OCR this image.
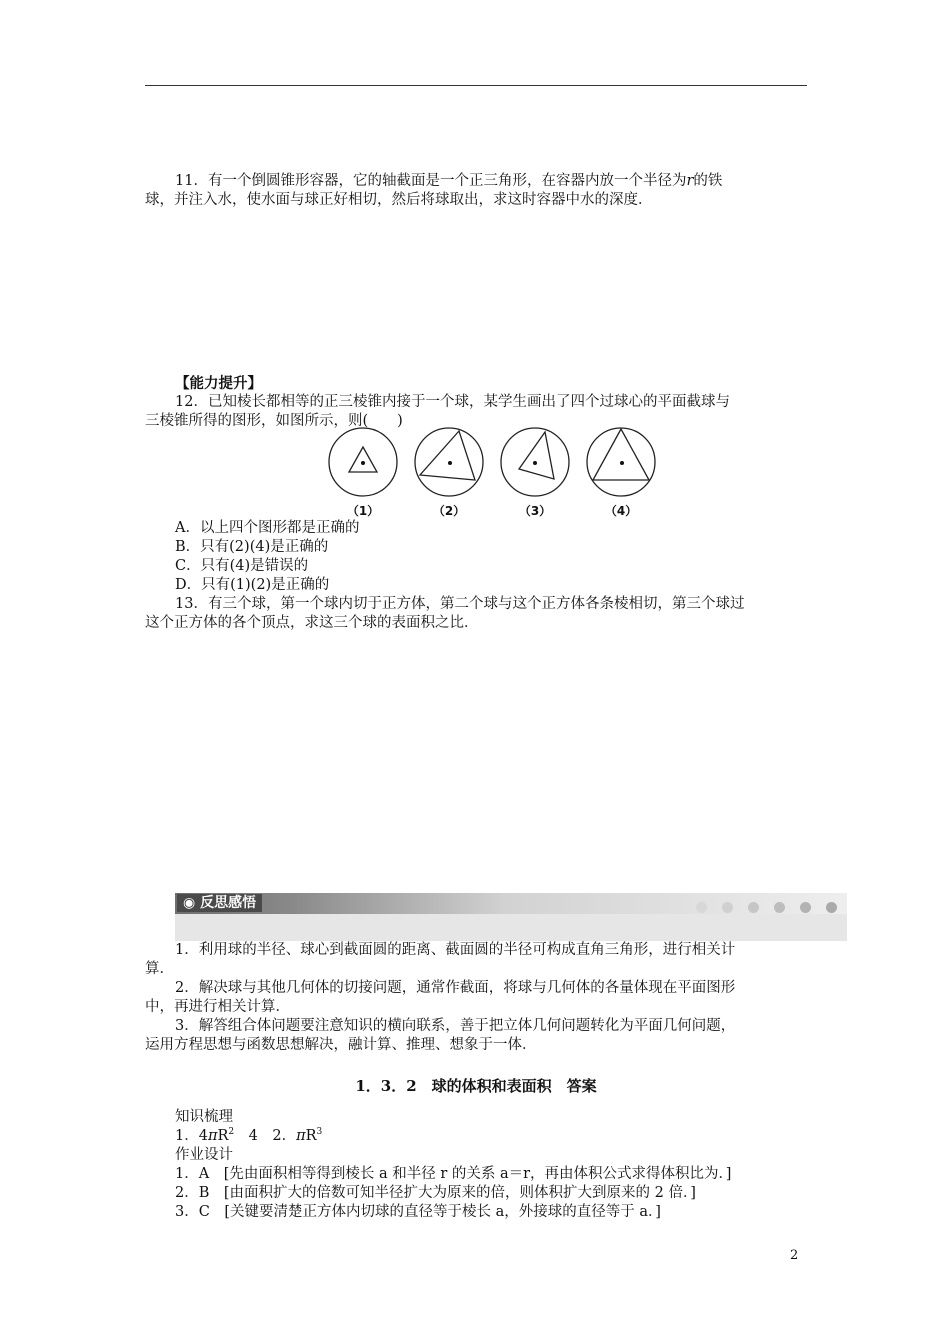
11．有一个倒圆锥形容器，它的轴截面是一个正三角形，在容器内放一个半径为r的铁
球，并注入水，使水面与球正好相切，然后将球取出，求这时容器中水的深度．
【能力提升】
12．已知棱长都相等的正三棱锥内接于一个球，某学生画出了四个过球心的平面截球与
三棱锥所得的图形，如图所示，则(　　)
（1）	（2）	（3）	（4）
A．以上四个图形都是正确的
B．只有(2)(4)是正确的
C．只有(4)是错误的
D．只有(1)(2)是正确的
13．有三个球，第一个球内切于正方体，第二个球与这个正方体各条棱相切，第三个球过
这个正方体的各个顶点，求这三个球的表面积之比．
◉ 反思感悟

1．利用球的半径、球心到截面圆的距离、截面圆的半径可构成直角三角形，进行相关计
算．
2．解决球与其他几何体的切接问题，通常作截面，将球与几何体的各量体现在平面图形
中，再进行相关计算．
3．解答组合体问题要注意知识的横向联系，善于把立体几何问题转化为平面几何问题，
运用方程思想与函数思想解决，融计算、推理、想象于一体．
1．3．2　球的体积和表面积　答案
知识梳理
1．$4\pi R^2$　4　2．$\pi R^3$
作业设计
1．A　[先由面积相等得到棱长 a 和半径 r 的关系 a＝r，再由体积公式求得体积比为．]
2．B　[由面积扩大的倍数可知半径扩大为原来的倍，则体积扩大到原来的 2 倍．]
3．C　[关键要清楚正方体内切球的直径等于棱长 a，外接球的直径等于 a．]
2
